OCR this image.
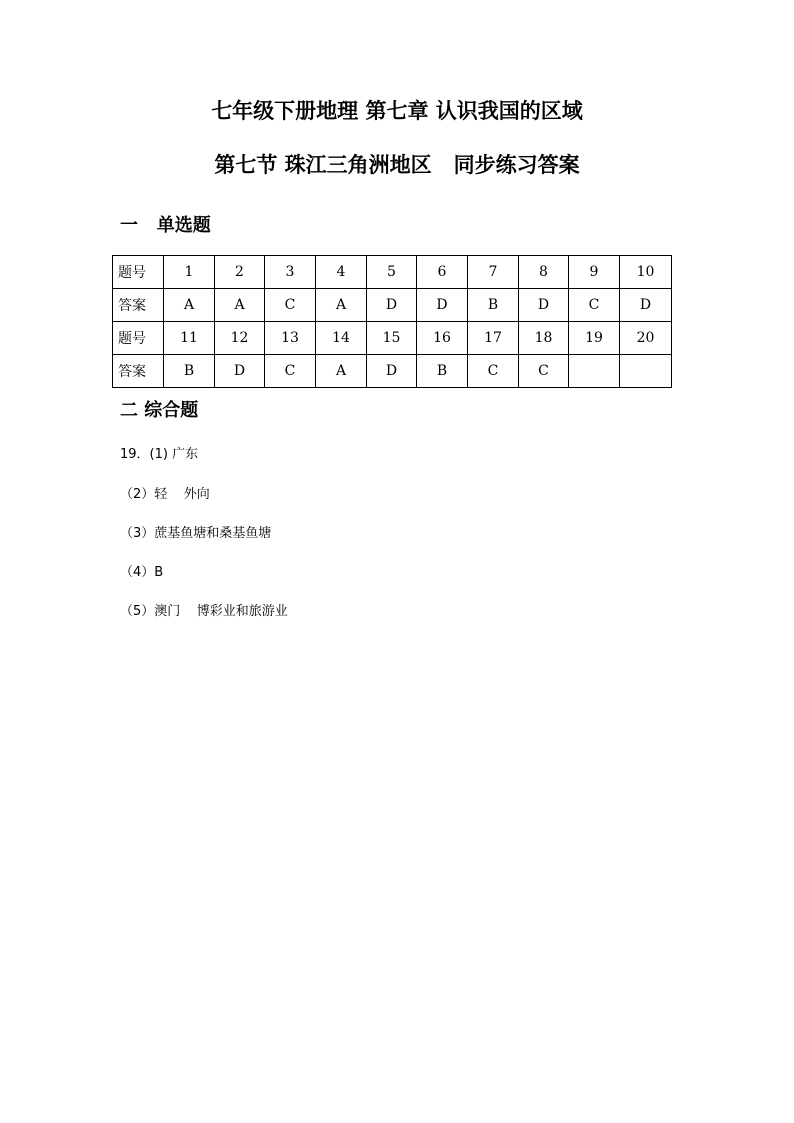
七年级下册地理 第七章 认识我国的区域
第七节 珠江三角洲地区   同步练习答案
一   单选题
题号	1	2	3	4	5	6	7	8	9	10
答案	A	A	C	A	D	D	B	D	C	D
题号	11	12	13	14	15	16	17	18	19	20
答案	B	D	C	A	D	B	C	C		
二 综合题
19．(1) 广东
（2）轻    外向
（3）蔗基鱼塘和桑基鱼塘
（4）B
（5）澳门    博彩业和旅游业
